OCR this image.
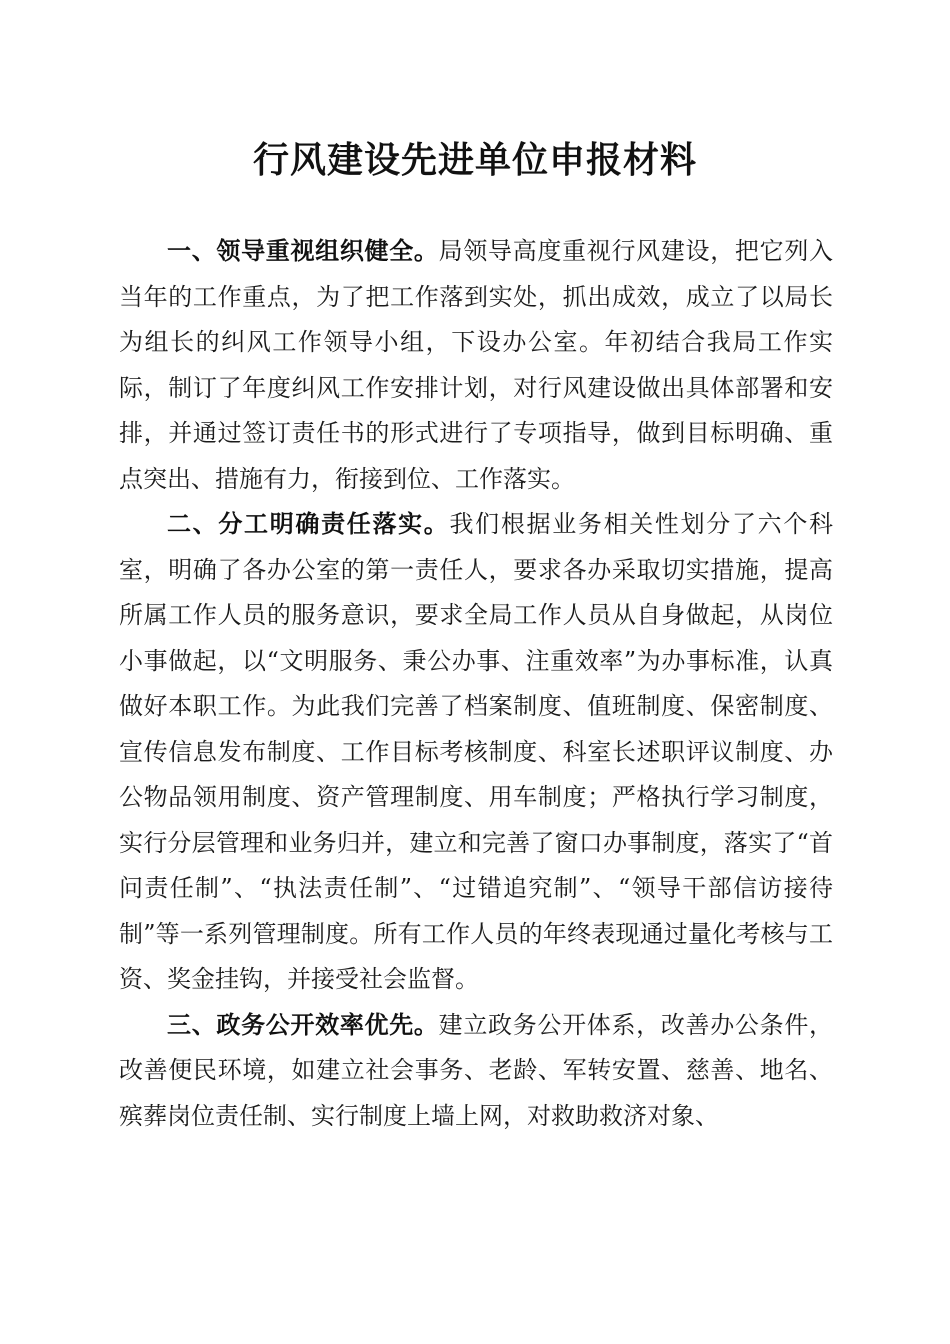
行风建设先进单位申报材料

一、领导重视组织健全。局领导高度重视行风建设，把它列入当年的工作重点，为了把工作落到实处，抓出成效，成立了以局长为组长的纠风工作领导小组，下设办公室。年初结合我局工作实际，制订了年度纠风工作安排计划，对行风建设做出具体部署和安排，并通过签订责任书的形式进行了专项指导，做到目标明确、重点突出、措施有力，衔接到位、工作落实。

二、分工明确责任落实。我们根据业务相关性划分了六个科室，明确了各办公室的第一责任人，要求各办采取切实措施，提高所属工作人员的服务意识，要求全局工作人员从自身做起，从岗位小事做起，以“文明服务、秉公办事、注重效率”为办事标准，认真做好本职工作。为此我们完善了档案制度、值班制度、保密制度、宣传信息发布制度、工作目标考核制度、科室长述职评议制度、办公物品领用制度、资产管理制度、用车制度；严格执行学习制度，实行分层管理和业务归并，建立和完善了窗口办事制度，落实了“首问责任制”、“执法责任制”、“过错追究制”、“领导干部信访接待制”等一系列管理制度。所有工作人员的年终表现通过量化考核与工资、奖金挂钩，并接受社会监督。

三、政务公开效率优先。建立政务公开体系，改善办公条件，改善便民环境，如建立社会事务、老龄、军转安置、慈善、地名、殡葬岗位责任制、实行制度上墙上网，对救助救济对象、
